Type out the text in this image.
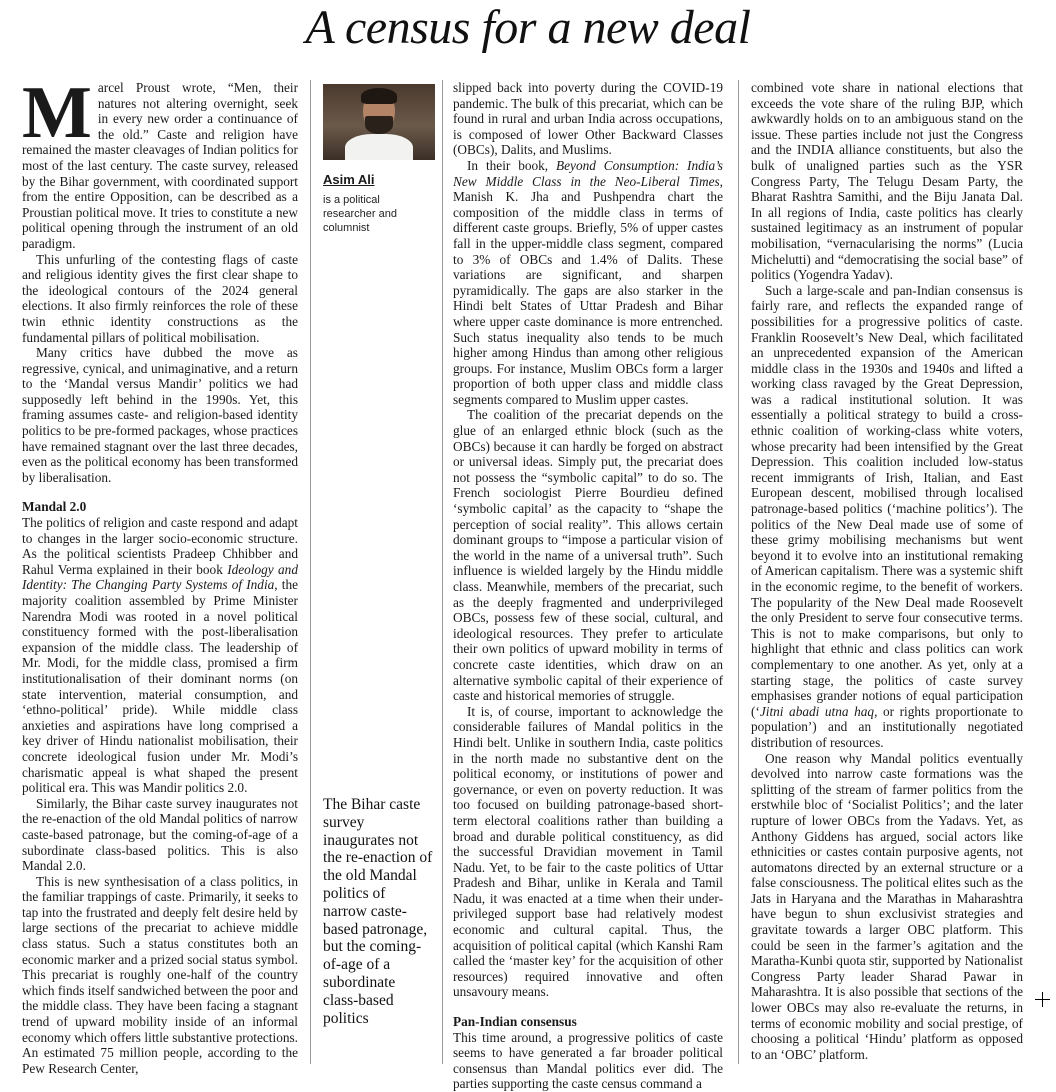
A census for a new deal

Marcel Proust wrote, “Men, their natures not altering overnight, seek in every new order a continuance of the old.” Caste and religion have remained the master cleavages of Indian politics for most of the last century. The caste survey, released by the Bihar government, with coordinated support from the entire Opposition, can be described as a Proustian political move. It tries to constitute a new political opening through the instrument of an old paradigm.

This unfurling of the contesting flags of caste and religious identity gives the first clear shape to the ideological contours of the 2024 general elections. It also firmly reinforces the role of these twin ethnic identity constructions as the fundamental pillars of political mobilisation.

Many critics have dubbed the move as regressive, cynical, and unimaginative, and a return to the ‘Mandal versus Mandir’ politics we had supposedly left behind in the 1990s. Yet, this framing assumes caste- and religion-based identity politics to be pre-formed packages, whose practices have remained stagnant over the last three decades, even as the political economy has been transformed by liberalisation.

Mandal 2.0

The politics of religion and caste respond and adapt to changes in the larger socio-economic structure. As the political scientists Pradeep Chhibber and Rahul Verma explained in their book Ideology and Identity: The Changing Party Systems of India, the majority coalition assembled by Prime Minister Narendra Modi was rooted in a novel political constituency formed with the post-liberalisation expansion of the middle class. The leadership of Mr. Modi, for the middle class, promised a firm institutionalisation of their dominant norms (on state intervention, material consumption, and ‘ethno-political’ pride). While middle class anxieties and aspirations have long comprised a key driver of Hindu nationalist mobilisation, their concrete ideological fusion under Mr. Modi’s charismatic appeal is what shaped the present political era. This was Mandir politics 2.0.

Similarly, the Bihar caste survey inaugurates not the re-enaction of the old Mandal politics of narrow caste-based patronage, but the coming-of-age of a subordinate class-based politics. This is also Mandal 2.0.

This is new synthesisation of a class politics, in the familiar trappings of caste. Primarily, it seeks to tap into the frustrated and deeply felt desire held by large sections of the precariat to achieve middle class status. Such a status constitutes both an economic marker and a prized social status symbol. This precariat is roughly one-half of the country which finds itself sandwiched between the poor and the middle class. They have been facing a stagnant trend of upward mobility inside of an informal economy which offers little substantive protections. An estimated 75 million people, according to the Pew Research Center,

Asim Ali
is a political researcher and columnist
The Bihar caste survey inaugurates not the re-enaction of the old Mandal politics of narrow caste-based patronage, but the coming-of-age of a subordinate class-based politics

slipped back into poverty during the COVID-19 pandemic. The bulk of this precariat, which can be found in rural and urban India across occupations, is composed of lower Other Backward Classes (OBCs), Dalits, and Muslims.

In their book, Beyond Consumption: India’s New Middle Class in the Neo-Liberal Times, Manish K. Jha and Pushpendra chart the composition of the middle class in terms of different caste groups. Briefly, 5% of upper castes fall in the upper-middle class segment, compared to 3% of OBCs and 1.4% of Dalits. These variations are significant, and sharpen pyramidically. The gaps are also starker in the Hindi belt States of Uttar Pradesh and Bihar where upper caste dominance is more entrenched. Such status inequality also tends to be much higher among Hindus than among other religious groups. For instance, Muslim OBCs form a larger proportion of both upper class and middle class segments compared to Muslim upper castes.

The coalition of the precariat depends on the glue of an enlarged ethnic block (such as the OBCs) because it can hardly be forged on abstract or universal ideas. Simply put, the precariat does not possess the “symbolic capital” to do so. The French sociologist Pierre Bourdieu defined ‘symbolic capital’ as the capacity to “shape the perception of social reality”. This allows certain dominant groups to “impose a particular vision of the world in the name of a universal truth”. Such influence is wielded largely by the Hindu middle class. Meanwhile, members of the precariat, such as the deeply fragmented and underprivileged OBCs, possess few of these social, cultural, and ideological resources. They prefer to articulate their own politics of upward mobility in terms of concrete caste identities, which draw on an alternative symbolic capital of their experience of caste and historical memories of struggle.

It is, of course, important to acknowledge the considerable failures of Mandal politics in the Hindi belt. Unlike in southern India, caste politics in the north made no substantive dent on the political economy, or institutions of power and governance, or even on poverty reduction. It was too focused on building patronage-based short-term electoral coalitions rather than building a broad and durable political constituency, as did the successful Dravidian movement in Tamil Nadu. Yet, to be fair to the caste politics of Uttar Pradesh and Bihar, unlike in Kerala and Tamil Nadu, it was enacted at a time when their under-privileged support base had relatively modest economic and cultural capital. Thus, the acquisition of political capital (which Kanshi Ram called the ‘master key’ for the acquisition of other resources) required innovative and often unsavoury means.

Pan-Indian consensus

This time around, a progressive politics of caste seems to have generated a far broader political consensus than Mandal politics ever did. The parties supporting the caste census command a

combined vote share in national elections that exceeds the vote share of the ruling BJP, which awkwardly holds on to an ambiguous stand on the issue. These parties include not just the Congress and the INDIA alliance constituents, but also the bulk of unaligned parties such as the YSR Congress Party, The Telugu Desam Party, the Bharat Rashtra Samithi, and the Biju Janata Dal. In all regions of India, caste politics has clearly sustained legitimacy as an instrument of popular mobilisation, “vernacularising the norms” (Lucia Michelutti) and “democratising the social base” of politics (Yogendra Yadav).

Such a large-scale and pan-Indian consensus is fairly rare, and reflects the expanded range of possibilities for a progressive politics of caste. Franklin Roosevelt’s New Deal, which facilitated an unprecedented expansion of the American middle class in the 1930s and 1940s and lifted a working class ravaged by the Great Depression, was a radical institutional solution. It was essentially a political strategy to build a cross-ethnic coalition of working-class white voters, whose precarity had been intensified by the Great Depression. This coalition included low-status recent immigrants of Irish, Italian, and East European descent, mobilised through localised patronage-based politics (‘machine politics’). The politics of the New Deal made use of some of these grimy mobilising mechanisms but went beyond it to evolve into an institutional remaking of American capitalism. There was a systemic shift in the economic regime, to the benefit of workers. The popularity of the New Deal made Roosevelt the only President to serve four consecutive terms. This is not to make comparisons, but only to highlight that ethnic and class politics can work complementary to one another. As yet, only at a starting stage, the politics of caste survey emphasises grander notions of equal participation (‘Jitni abadi utna haq, or rights proportionate to population’) and an institutionally negotiated distribution of resources.

One reason why Mandal politics eventually devolved into narrow caste formations was the splitting of the stream of farmer politics from the erstwhile bloc of ‘Socialist Politics’; and the later rupture of lower OBCs from the Yadavs. Yet, as Anthony Giddens has argued, social actors like ethnicities or castes contain purposive agents, not automatons directed by an external structure or a false consciousness. The political elites such as the Jats in Haryana and the Marathas in Maharashtra have begun to shun exclusivist strategies and gravitate towards a larger OBC platform. This could be seen in the farmer’s agitation and the Maratha-Kunbi quota stir, supported by Nationalist Congress Party leader Sharad Pawar in Maharashtra. It is also possible that sections of the lower OBCs may also re-evaluate the returns, in terms of economic mobility and social prestige, of choosing a political ‘Hindu’ platform as opposed to an ‘OBC’ platform.
